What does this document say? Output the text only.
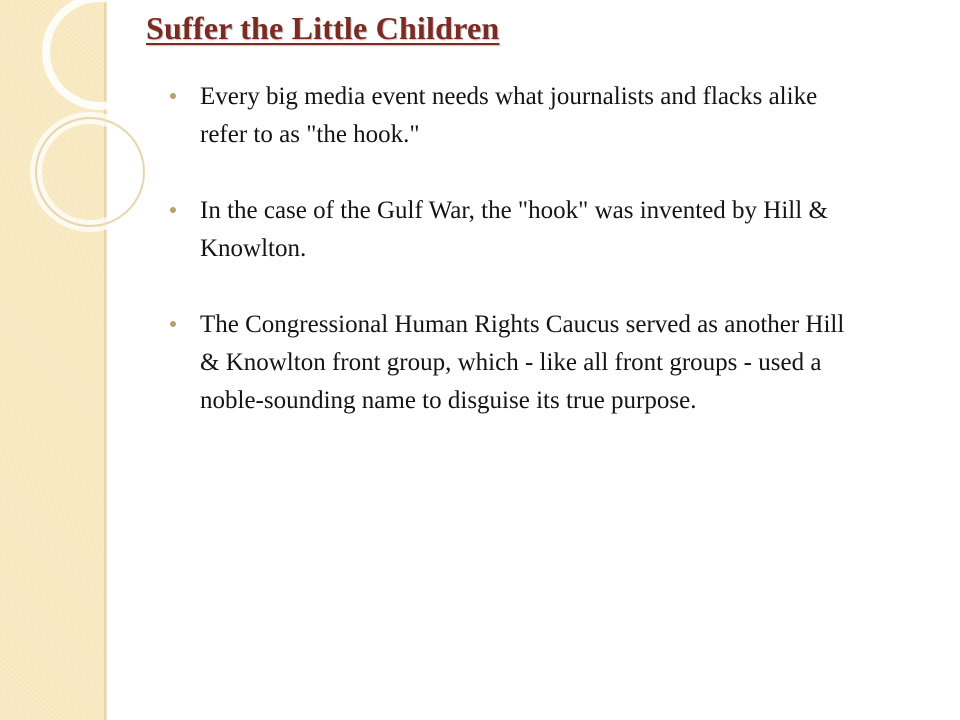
Suffer the Little Children
Every big media event needs what journalists and flacks alike refer to as "the hook."
In the case of the Gulf War, the "hook" was invented by Hill & Knowlton.
The Congressional Human Rights Caucus served as another Hill & Knowlton front group, which - like all front groups - used a noble-sounding name to disguise its true purpose.
